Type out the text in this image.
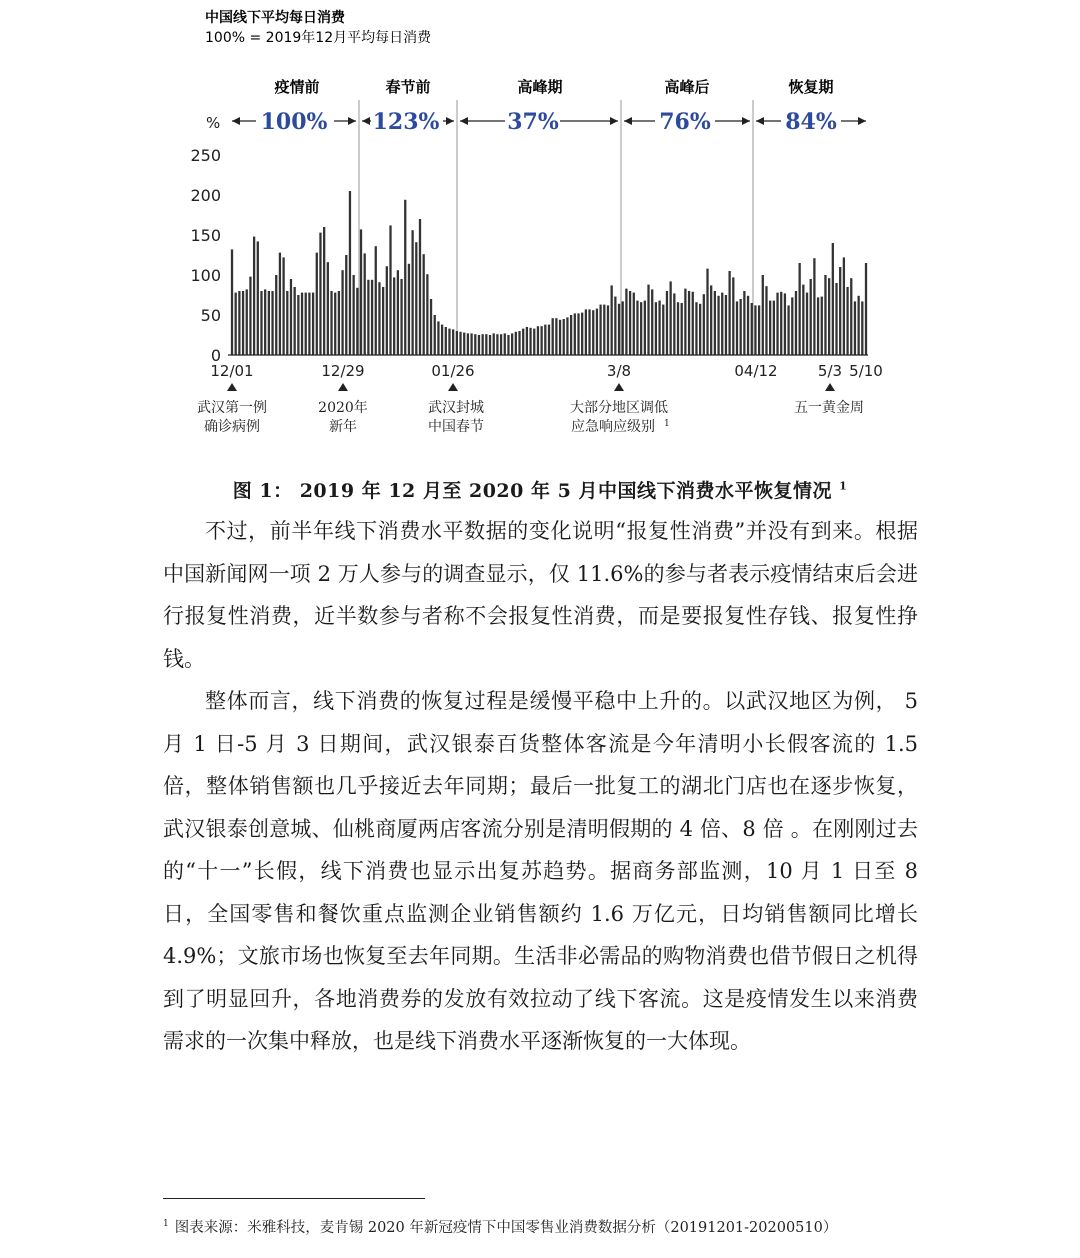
中国线下平均每日消费
100% = 2019年12月平均每日消费
疫情前	春节前	高峰期	高峰后	恢复期
% 100% 123%	37%	76%	84%
0
50
100
150
200
250
12/01	12/29	01/26	3/8	04/12	5/3 5/10
武汉第一例
确诊病例
2020年
新年
武汉封城
中国春节
大部分地区调低
应急响应级别 1
五一黄金周
图 1： 2019 年 12 月至 2020 年 5 月中国线下消费水平恢复情况 $^1$

不过，前半年线下消费水平数据的变化说明“报复性消费”并没有到来。根据中国新闻网一项 2 万人参与的调查显示，仅 11.6%的参与者表示疫情结束后会进行报复性消费，近半数参与者称不会报复性消费，而是要报复性存钱、报复性挣钱。

整体而言，线下消费的恢复过程是缓慢平稳中上升的。以武汉地区为例， 5 月 1 日-5 月 3 日期间，武汉银泰百货整体客流是今年清明小长假客流的 1.5 倍，整体销售额也几乎接近去年同期；最后一批复工的湖北门店也在逐步恢复，武汉银泰创意城、仙桃商厦两店客流分别是清明假期的 4 倍、8 倍 。在刚刚过去的“十一”长假，线下消费也显示出复苏趋势。据商务部监测，10 月 1 日至 8 日，全国零售和餐饮重点监测企业销售额约 1.6 万亿元，日均销售额同比增长 4.9%；文旅市场也恢复至去年同期。生活非必需品的购物消费也借节假日之机得到了明显回升，各地消费券的发放有效拉动了线下客流。这是疫情发生以来消费需求的一次集中释放，也是线下消费水平逐渐恢复的一大体现。

$^1$ 图表来源：米雅科技，麦肯锡 2020 年新冠疫情下中国零售业消费数据分析（20191201-20200510）
